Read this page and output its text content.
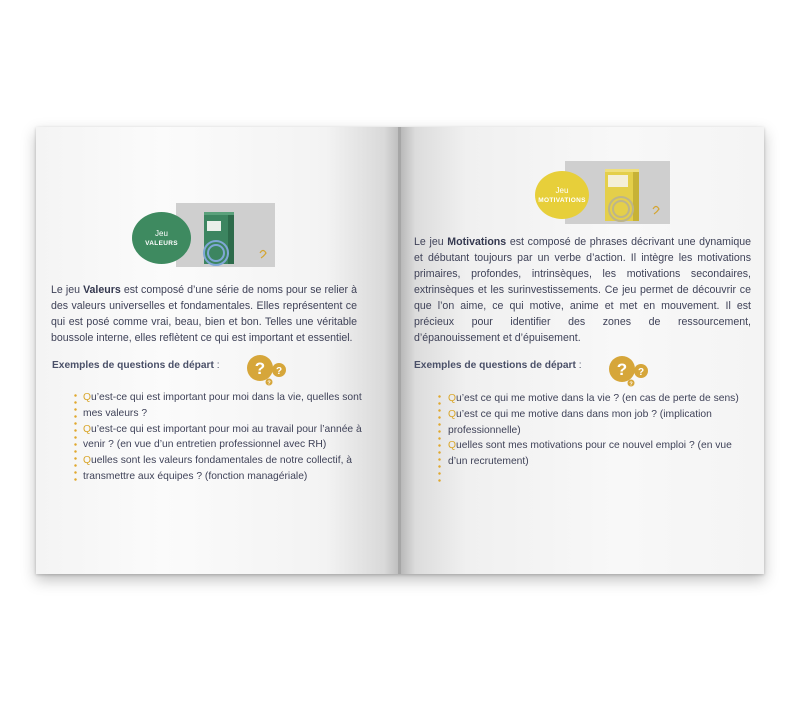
Jeu
VALEURS
Le jeu Valeurs est composé d’une série de noms pour se relier à des valeurs universelles et fondamentales. Elles représentent ce qui est posé comme vrai, beau, bien et bon. Telles une véritable boussole interne, elles reflètent ce qui est important et essentiel.
Exemples de questions de départ : ? ?
?
Qu’est-ce qui est important pour moi dans la vie, quelles sont mes valeurs ?
Qu’est-ce qui est important pour moi au travail pour l’année à venir ? (en vue d’un entretien professionnel avec RH)
Quelles sont les valeurs fondamentales de notre collectif, à transmettre aux équipes ? (fonction managériale)
Jeu
MOTIVATIONS
Le jeu Motivations est composé de phrases décrivant une dynamique et débutant toujours par un verbe d’action. Il intègre les motivations primaires, profondes, intrinsèques, les motivations secondaires, extrinsèques et les surinvestissements. Ce jeu permet de découvrir ce que l’on aime, ce qui motive, anime et met en mouvement. Il est précieux pour identifier des zones de ressourcement, d’épanouissement et d’épuisement.
Exemples de questions de départ : ? ?
?
Qu’est ce qui me motive dans la vie ? (en cas de perte de sens)
Qu’est ce qui me motive dans dans mon job ? (implication professionnelle)
Quelles sont mes motivations pour ce nouvel emploi ? (en vue d’un recrutement)
